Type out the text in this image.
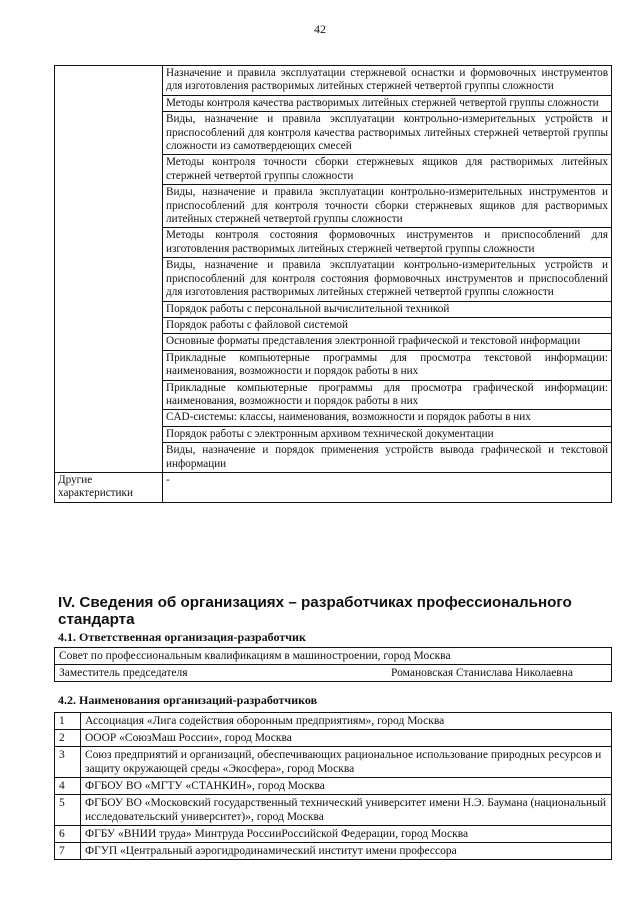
42
	Назначение и правила эксплуатации стержневой оснастки и формовочных инструментов для изготовления растворимых литейных стержней четвертой группы сложности
	Методы контроля качества растворимых литейных стержней четвертой группы сложности
	Виды, назначение и правила эксплуатации контрольно-измерительных устройств и приспособлений для контроля качества растворимых литейных стержней четвертой группы сложности из самотвердеющих смесей
	Методы контроля точности сборки стержневых ящиков для растворимых литейных стержней четвертой группы сложности
	Виды, назначение и правила эксплуатации контрольно-измерительных инструментов и приспособлений для контроля точности сборки стержневых ящиков для растворимых литейных стержней четвертой группы сложности
	Методы контроля состояния формовочных инструментов и приспособлений для изготовления растворимых литейных стержней четвертой группы сложности
	Виды, назначение и правила эксплуатации контрольно-измерительных устройств и приспособлений для контроля состояния формовочных инструментов и приспособлений для изготовления растворимых литейных стержней четвертой группы сложности
	Порядок работы с персональной вычислительной техникой
	Порядок работы с файловой системой
	Основные форматы представления электронной графической и текстовой информации
	Прикладные компьютерные программы для просмотра текстовой информации: наименования, возможности и порядок работы в них
	Прикладные компьютерные программы для просмотра графической информации: наименования, возможности и порядок работы в них
	CAD-системы: классы, наименования, возможности и порядок работы в них
	Порядок работы с электронным архивом технической документации
	Виды, назначение и порядок применения устройств вывода графической и текстовой информации
Другие характеристики	-
IV. Сведения об организациях – разработчиках профессионального стандарта
4.1. Ответственная организация-разработчик
Совет по профессиональным квалификациям в машиностроении, город Москва
Заместитель председателя	Романовская Станислава Николаевна
4.2. Наименования организаций-разработчиков
1	Ассоциация «Лига содействия оборонным предприятиям», город Москва
2	ОООР «СоюзМаш России», город Москва
3	Союз предприятий и организаций, обеспечивающих рациональное использование природных ресурсов и защиту окружающей среды «Экосфера», город Москва
4	ФГБОУ ВО «МГТУ «СТАНКИН», город Москва
5	ФГБОУ ВО «Московский государственный технический университет имени Н.Э. Баумана (национальный исследовательский университет)», город Москва
6	ФГБУ «ВНИИ труда» Минтруда РоссииРоссийской Федерации, город Москва
7	ФГУП «Центральный аэрогидродинамический институт имени профессора
